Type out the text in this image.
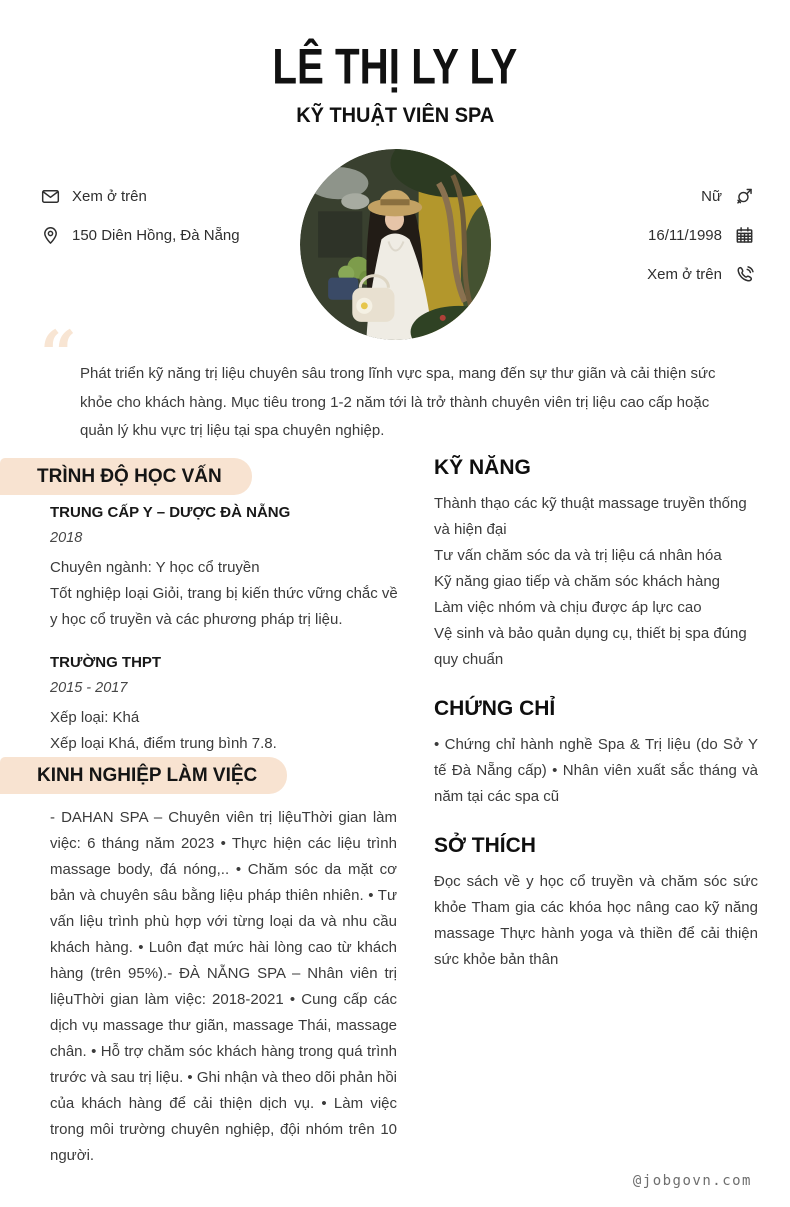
LÊ THỊ LY LY
KỸ THUẬT VIÊN SPA
Xem ở trên
150 Diên Hồng, Đà Nẵng
Nữ
16/11/1998
Xem ở trên
“ Phát triển kỹ năng trị liệu chuyên sâu trong lĩnh vực spa, mang đến sự thư giãn và cải thiện sức khỏe cho khách hàng. Mục tiêu trong 1-2 năm tới là trở thành chuyên viên trị liệu cao cấp hoặc quản lý khu vực trị liệu tại spa chuyên nghiệp.
TRÌNH ĐỘ HỌC VẤN

TRUNG CẤP Y – DƯỢC ĐÀ NẴNG

2018

Chuyên ngành: Y học cổ truyền

Tốt nghiệp loại Giỏi, trang bị kiến thức vững chắc về y học cổ truyền và các phương pháp trị liệu.

TRƯỜNG THPT

2015 - 2017

Xếp loại: Khá

Xếp loại Khá, điểm trung bình 7.8.

KINH NGHIỆP LÀM VIỆC
- DAHAN SPA – Chuyên viên trị liệuThời gian làm việc: 6 tháng năm 2023 • Thực hiện các liệu trình massage body, đá nóng,.. • Chăm sóc da mặt cơ bản và chuyên sâu bằng liệu pháp thiên nhiên. • Tư vấn liệu trình phù hợp với từng loại da và nhu cầu khách hàng. • Luôn đạt mức hài lòng cao từ khách hàng (trên 95%).- ĐÀ NẴNG SPA – Nhân viên trị liệuThời gian làm việc: 2018-2021 • Cung cấp các dịch vụ massage thư giãn, massage Thái, massage chân. • Hỗ trợ chăm sóc khách hàng trong quá trình trước và sau trị liệu. • Ghi nhận và theo dõi phản hồi của khách hàng để cải thiện dịch vụ. • Làm việc trong môi trường chuyên nghiệp, đội nhóm trên 10 người.
KỸ NĂNG

Thành thạo các kỹ thuật massage truyền thống và hiện đại

Tư vấn chăm sóc da và trị liệu cá nhân hóa

Kỹ năng giao tiếp và chăm sóc khách hàng

Làm việc nhóm và chịu được áp lực cao

Vệ sinh và bảo quản dụng cụ, thiết bị spa đúng quy chuẩn

CHỨNG CHỈ

• Chứng chỉ hành nghề Spa & Trị liệu (do Sở Y tế Đà Nẵng cấp) • Nhân viên xuất sắc tháng và năm tại các spa cũ

SỞ THÍCH

Đọc sách về y học cổ truyền và chăm sóc sức khỏe Tham gia các khóa học nâng cao kỹ năng massage Thực hành yoga và thiền để cải thiện sức khỏe bản thân

@jobgovn.com
